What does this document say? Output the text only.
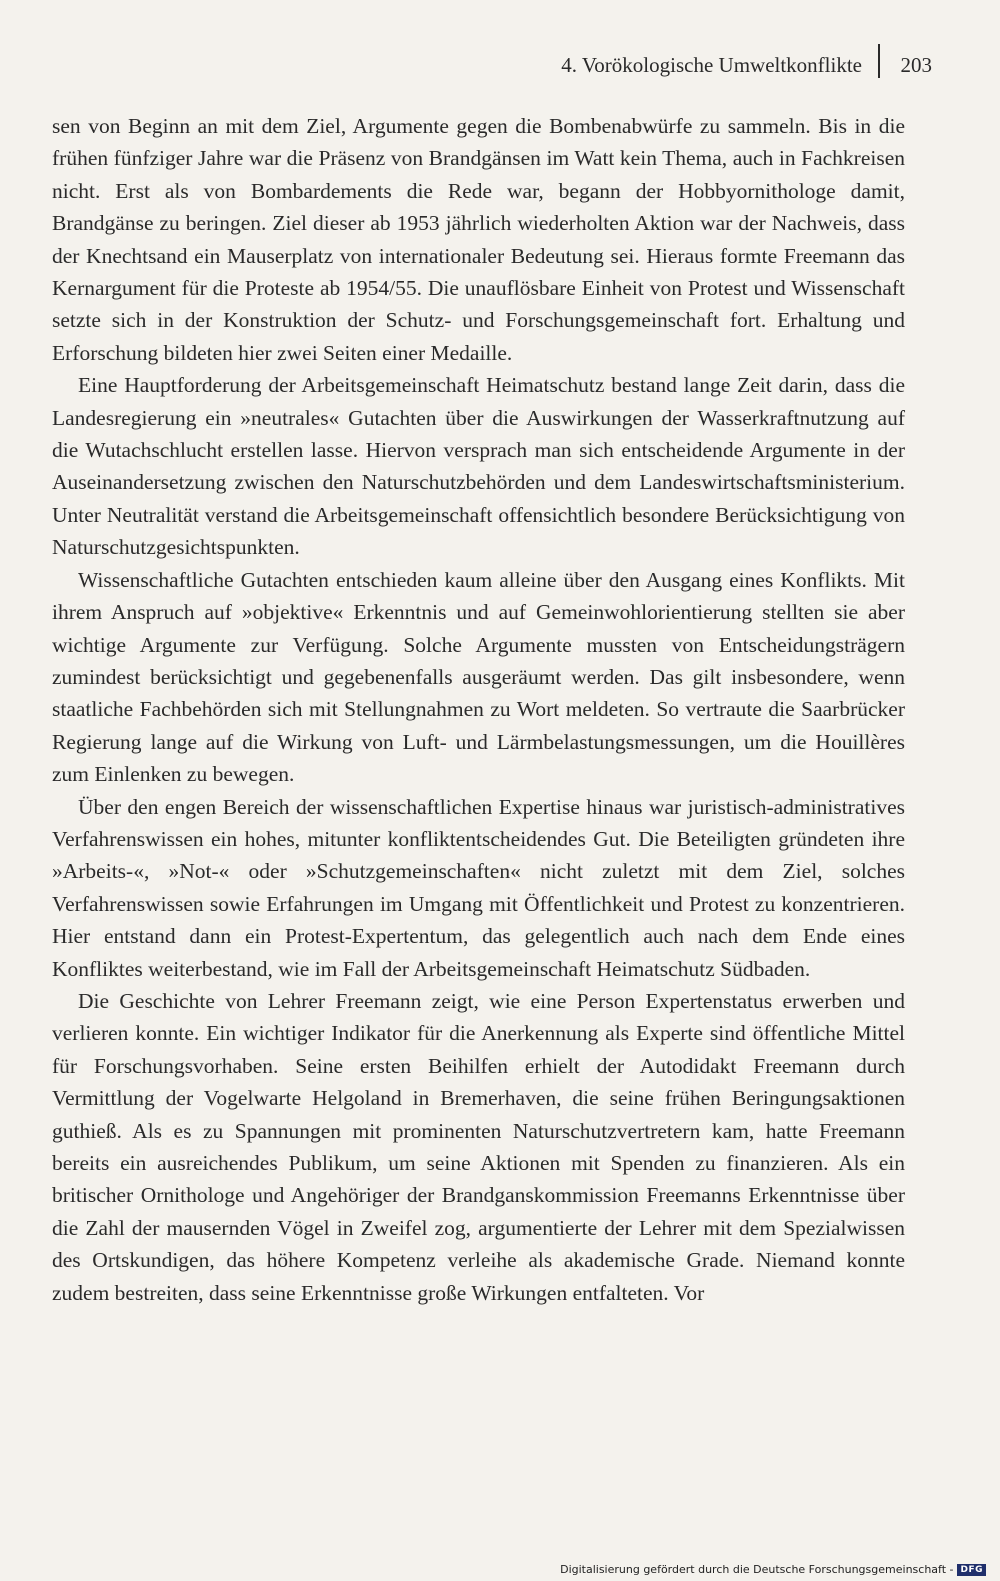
4. Vorökologische Umweltkonflikte 203

sen von Beginn an mit dem Ziel, Argumente gegen die Bombenabwürfe zu sammeln. Bis in die frühen fünfziger Jahre war die Präsenz von Brandgänsen im Watt kein Thema, auch in Fachkreisen nicht. Erst als von Bombardements die Rede war, begann der Hobbyornithologe damit, Brandgänse zu beringen. Ziel dieser ab 1953 jährlich wiederholten Aktion war der Nachweis, dass der Knechtsand ein Mauserplatz von internationaler Bedeutung sei. Hieraus formte Freemann das Kernargument für die Proteste ab 1954/55. Die unauflösbare Einheit von Protest und Wissenschaft setzte sich in der Konstruktion der Schutz- und Forschungsgemeinschaft fort. Erhaltung und Erforschung bildeten hier zwei Seiten einer Medaille.

Eine Hauptforderung der Arbeitsgemeinschaft Heimatschutz bestand lange Zeit darin, dass die Landesregierung ein »neutrales« Gutachten über die Auswirkungen der Wasserkraftnutzung auf die Wutachschlucht erstellen lasse. Hiervon versprach man sich entscheidende Argumente in der Auseinandersetzung zwischen den Naturschutzbehörden und dem Landeswirtschaftsministerium. Unter Neutralität verstand die Arbeitsgemeinschaft offensichtlich besondere Berücksichtigung von Naturschutzgesichtspunkten.

Wissenschaftliche Gutachten entschieden kaum alleine über den Ausgang eines Konflikts. Mit ihrem Anspruch auf »objektive« Erkenntnis und auf Gemeinwohlorientierung stellten sie aber wichtige Argumente zur Verfügung. Solche Argumente mussten von Entscheidungsträgern zumindest berücksichtigt und gegebenenfalls ausgeräumt werden. Das gilt insbesondere, wenn staatliche Fachbehörden sich mit Stellungnahmen zu Wort meldeten. So vertraute die Saarbrücker Regierung lange auf die Wirkung von Luft- und Lärmbelastungsmessungen, um die Houillères zum Einlenken zu bewegen.

Über den engen Bereich der wissenschaftlichen Expertise hinaus war juristisch-administratives Verfahrenswissen ein hohes, mitunter konfliktentscheidendes Gut. Die Beteiligten gründeten ihre »Arbeits-«, »Not-« oder »Schutzgemeinschaften« nicht zuletzt mit dem Ziel, solches Verfahrenswissen sowie Erfahrungen im Umgang mit Öffentlichkeit und Protest zu konzentrieren. Hier entstand dann ein Protest-Expertentum, das gelegentlich auch nach dem Ende eines Konfliktes weiterbestand, wie im Fall der Arbeitsgemeinschaft Heimatschutz Südbaden.

Die Geschichte von Lehrer Freemann zeigt, wie eine Person Expertenstatus erwerben und verlieren konnte. Ein wichtiger Indikator für die Anerkennung als Experte sind öffentliche Mittel für Forschungsvorhaben. Seine ersten Beihilfen erhielt der Autodidakt Freemann durch Vermittlung der Vogelwarte Helgoland in Bremerhaven, die seine frühen Beringungsaktionen guthieß. Als es zu Spannungen mit prominenten Naturschutzvertretern kam, hatte Freemann bereits ein ausreichendes Publikum, um seine Aktionen mit Spenden zu finanzieren. Als ein britischer Ornithologe und Angehöriger der Brandganskommission Freemanns Erkenntnisse über die Zahl der mausernden Vögel in Zweifel zog, argumentierte der Lehrer mit dem Spezialwissen des Ortskundigen, das höhere Kompetenz verleihe als akademische Grade. Niemand konnte zudem bestreiten, dass seine Erkenntnisse große Wirkungen entfalteten. Vor

Digitalisierung gefördert durch die Deutsche Forschungsgemeinschaft - DFG
